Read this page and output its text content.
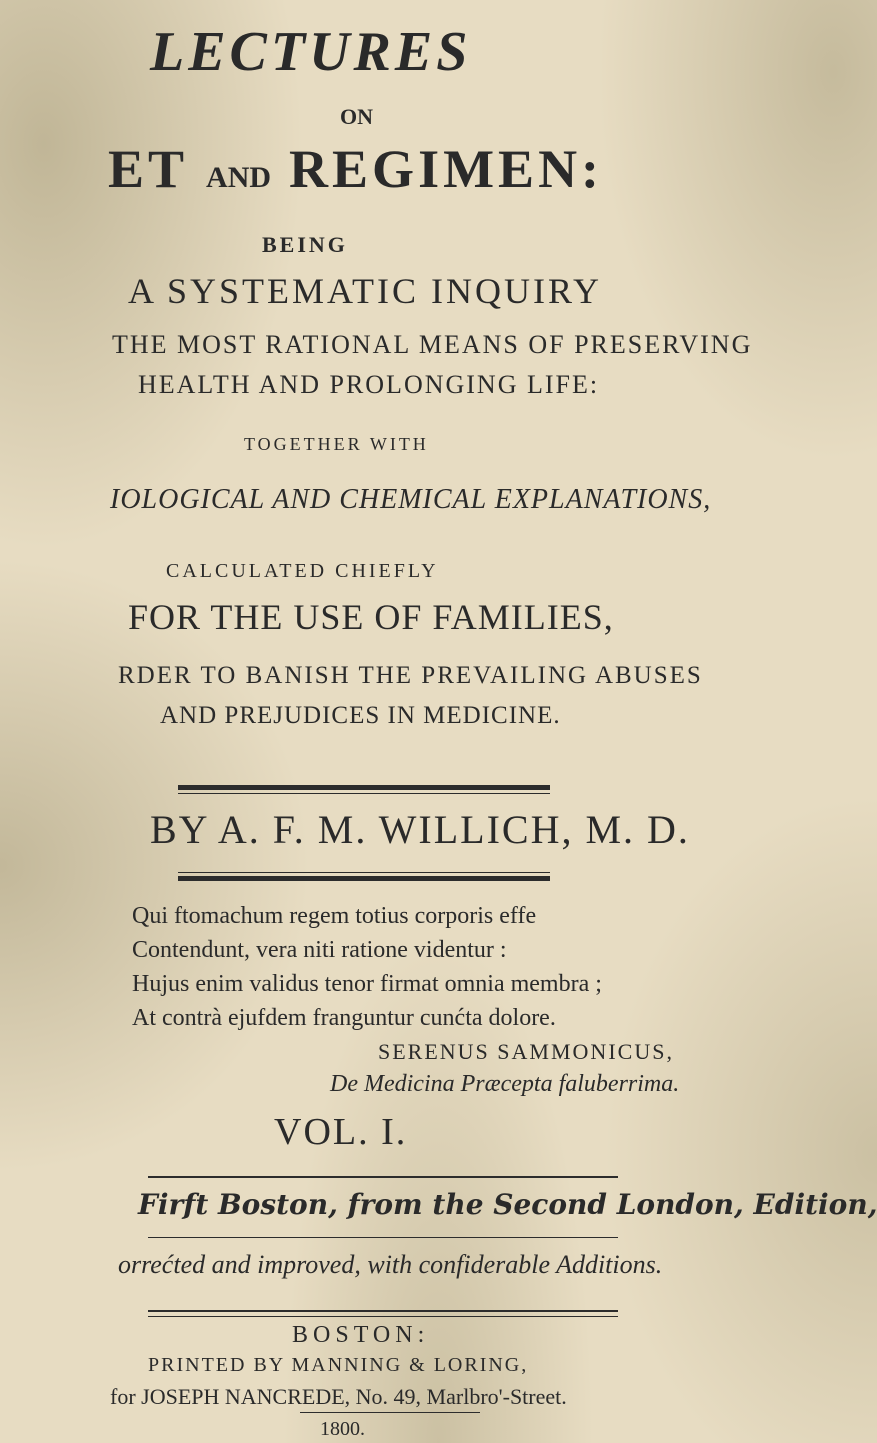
LECTURES
ON
ET AND REGIMEN:
BEING
A SYSTEMATIC INQUIRY
THE MOST RATIONAL MEANS OF PRESERVING
HEALTH AND PROLONGING LIFE:
TOGETHER WITH
IOLOGICAL AND CHEMICAL EXPLANATIONS,
CALCULATED CHIEFLY
FOR THE USE OF FAMILIES,
RDER TO BANISH THE PREVAILING ABUSES
AND PREJUDICES IN MEDICINE.
BY A. F. M. WILLICH, M. D.
Qui ftomachum regem totius corporis effe
Contendunt, vera niti ratione videntur :
Hujus enim validus tenor firmat omnia membra ;
At contrà ejufdem franguntur cunćta dolore.
SERENUS SAMMONICUS,
De Medicina Præcepta faluberrima.
VOL. I.
Firft Boston, from the Second London, Edition,
orrećted and improved, with confiderable Additions.
BOSTON:
PRINTED BY MANNING & LORING,
for JOSEPH NANCREDE, No. 49, Marlbro'-Street.
1800.
